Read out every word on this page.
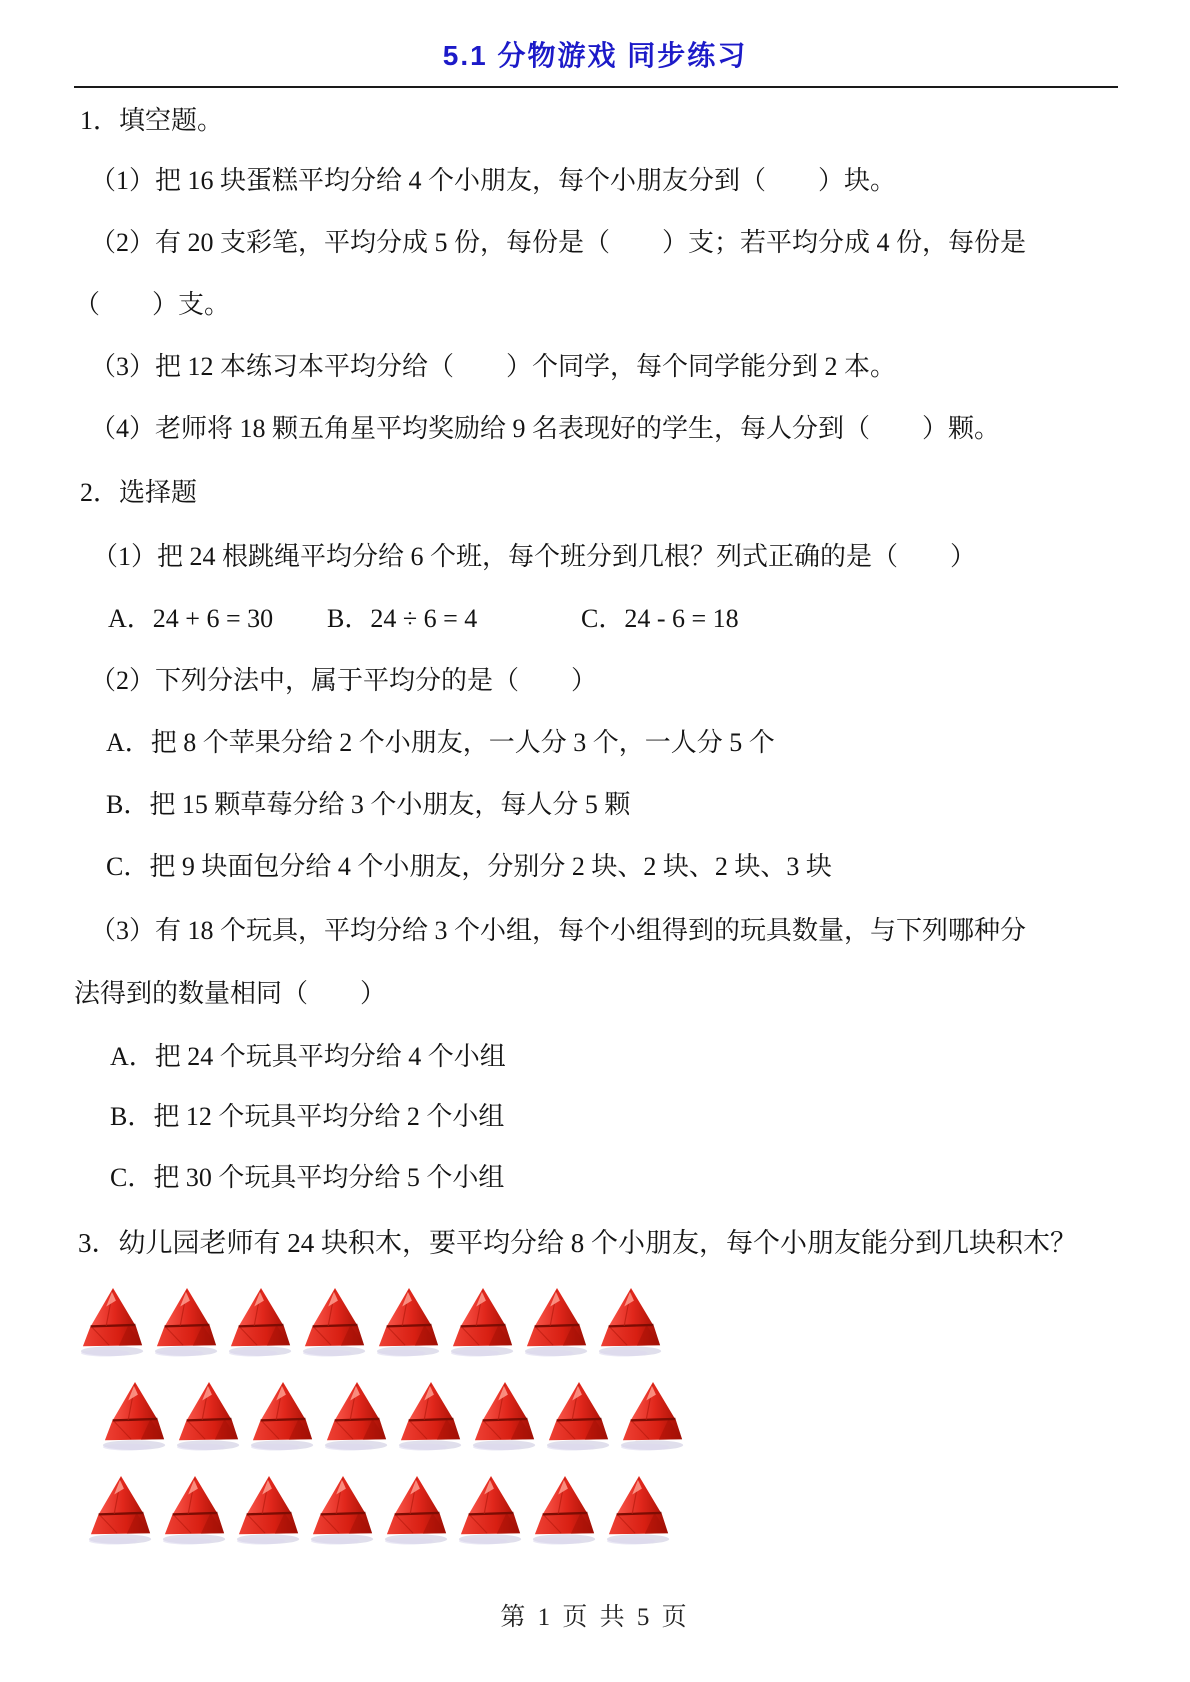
5.1 分物游戏 同步练习
1．填空题。
（1）把 16 块蛋糕平均分给 4 个小朋友，每个小朋友分到（　　）块。
（2）有 20 支彩笔，平均分成 5 份，每份是（　　）支；若平均分成 4 份，每份是
（　　）支。
（3）把 12 本练习本平均分给（　　）个同学，每个同学能分到 2 本。
（4）老师将 18 颗五角星平均奖励给 9 名表现好的学生，每人分到（　　）颗。
2．选择题
（1）把 24 根跳绳平均分给 6 个班，每个班分到几根？列式正确的是（　　）
A．24 + 6 = 30 B．24 ÷ 6 = 4	C．24 - 6 = 18
（2）下列分法中，属于平均分的是（　　）
A．把 8 个苹果分给 2 个小朋友，一人分 3 个，一人分 5 个
B．把 15 颗草莓分给 3 个小朋友，每人分 5 颗
C．把 9 块面包分给 4 个小朋友，分别分 2 块、2 块、2 块、3 块
（3）有 18 个玩具，平均分给 3 个小组，每个小组得到的玩具数量，与下列哪种分
法得到的数量相同（　　）
A．把 24 个玩具平均分给 4 个小组
B．把 12 个玩具平均分给 2 个小组
C．把 30 个玩具平均分给 5 个小组
3．幼儿园老师有 24 块积木，要平均分给 8 个小朋友，每个小朋友能分到几块积木？
第 1 页 共 5 页
